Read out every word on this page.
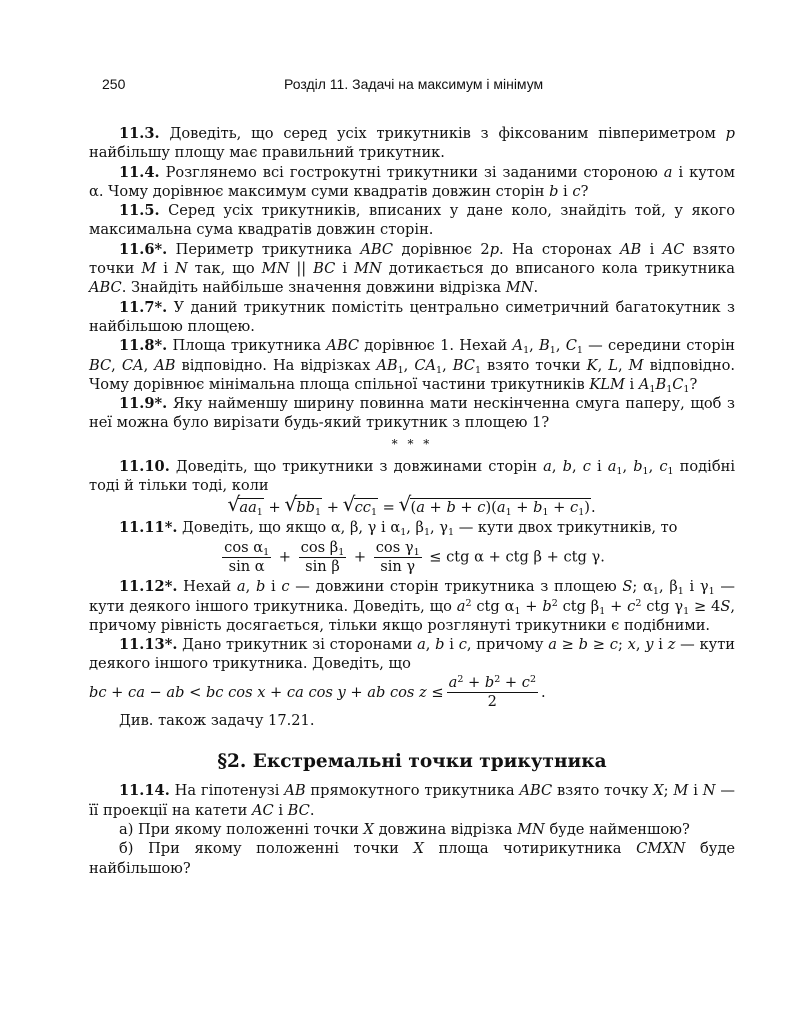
250	Розділ 11. Задачі на максимум і мінімум

11.3. Доведіть, що серед усіх трикутників з фіксованим півпериметром p найбільшу площу має правильний трикутник.

11.4. Розглянемо всі гострокутні трикутники зі заданими стороною a і кутом α. Чому дорівнює максимум суми квадратів довжин сторін b і c?

11.5. Серед усіх трикутників, вписаних у дане коло, знайдіть той, у якого максимальна сума квадратів довжин сторін.

11.6*. Периметр трикутника ABC дорівнює 2p. На сторонах AB і AC взято точки M і N так, що MN || BC і MN дотикається до вписаного кола трикутника ABC. Знайдіть найбільше значення довжини відрізка MN.

11.7*. У даний трикутник помістіть центрально симетричний багатокутник з найбільшою площею.

11.8*. Площа трикутника ABC дорівнює 1. Нехай $A_1$, $B_1$, $C_1$ — середини сторін BC, CA, AB відповідно. На відрізках $AB_1$, $CA_1$, $BC_1$ взято точки K, L, M відповідно. Чому дорівнює мінімальна площа спільної частини трикутників KLM і $A_1B_1C_1$?

11.9*. Яку найменшу ширину повинна мати нескінченна смуга паперу, щоб з неї можна було вирізати будь-який трикутник з площею 1?

* * *

11.10. Доведіть, що трикутники з довжинами сторін a, b, c і $a_1$, $b_1$, $c_1$ подібні тоді й тільки тоді, коли

√ $aa_1$ + √ $bb_1$ + √ $cc_1$ = √ $(a + b + c)(a_1 + b_1 + c_1)$.

11.11*. Доведіть, що якщо α, β, γ і $\alpha_1$, $\beta_1$, $\gamma_1$ — кути двох трикутників, то

$\frac{\cos \alpha_1}{\text{sin α}} + \frac{\cos \beta_1}{\text{sin β}} + \frac{\cos \gamma_1}{\text{sin γ}}$ ≤ ctg α + ctg β + ctg γ.

11.12*. Нехай a, b і c — довжини сторін трикутника з площею S; $\alpha_1$, $\beta_1$ і $\gamma_1$ — кути деякого іншого трикутника. Доведіть, що $a^2$ ctg $\alpha_1 + b^2$ ctg $\beta_1 + c^2$ ctg $\gamma_1 \ge 4S$, причому рівність досягається, тільки якщо розглянуті трикутники є подібними.

11.13*. Дано трикутник зі сторонами a, b і c, причому a ≥ b ≥ c; x, y і z — кути деякого іншого трикутника. Доведіть, що

bc + ca − ab < bc cos x + ca cos y + ab $\cos z \le \frac{a^2 + b^2 + c^2}{2}$ .

Див. також задачу 17.21.

§2. Екстремальні точки трикутника

11.14. На гіпотенузі AB прямокутного трикутника ABC взято точку X; M і N — її проекції на катети AC і BC.

а) При якому положенні точки X довжина відрізка MN буде найменшою?

б) При якому положенні точки X площа чотирикутника CMXN буде найбільшою?
